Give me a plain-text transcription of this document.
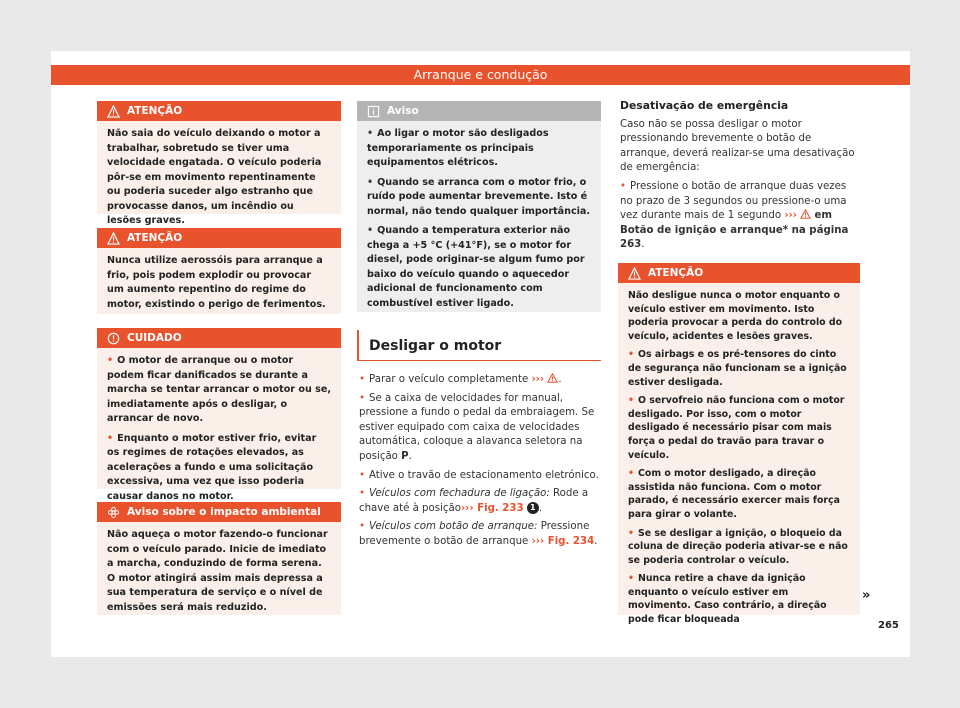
Arranque e condução
ATENÇÃO

Não saia do veículo deixando o motor a trabalhar, sobretudo se tiver uma velocidade engatada. O veículo poderia pôr-se em movimento repentinamente ou poderia suceder algo estranho que provocasse danos, um incêndio ou lesões graves.

ATENÇÃO

Nunca utilize aerossóis para arranque a frio, pois podem explodir ou provocar um aumento repentino do regime do motor, existindo o perigo de ferimentos.

CUIDADO

• O motor de arranque ou o motor podem ficar danificados se durante a marcha se tentar arrancar o motor ou se, imediatamente após o desligar, o arrancar de novo.

• Enquanto o motor estiver frio, evitar os regimes de rotações elevados, as acelerações a fundo e uma solicitação excessiva, uma vez que isso poderia causar danos no motor.

Aviso sobre o impacto ambiental

Não aqueça o motor fazendo-o funcionar com o veículo parado. Inicie de imediato a marcha, conduzindo de forma serena. O motor atingirá assim mais depressa a sua temperatura de serviço e o nível de emissões será mais reduzido.

Aviso

• Ao ligar o motor são desligados temporariamente os principais equipamentos elétricos.

• Quando se arranca com o motor frio, o ruído pode aumentar brevemente. Isto é normal, não tendo qualquer importância.

• Quando a temperatura exterior não chega a +5 °C (+41°F), se o motor for diesel, pode originar-se algum fumo por baixo do veículo quando o aquecedor adicional de funcionamento com combustível estiver ligado.

Desligar o motor

• Parar o veículo completamente ››› .

• Se a caixa de velocidades for manual, pressione a fundo o pedal da embraiagem. Se estiver equipado com caixa de velocidades automática, coloque a alavanca seletora na posição P.

• Ative o travão de estacionamento eletrónico.

• Veículos com fechadura de ligação: Rode a chave até à posição››› Fig. 233 1 .

• Veículos com botão de arranque: Pressione brevemente o botão de arranque ››› Fig. 234.

Desativação de emergência

Caso não se possa desligar o motor pressionando brevemente o botão de arranque, deverá realizar-se uma desativação de emergência:

• Pressione o botão de arranque duas vezes no prazo de 3 segundos ou pressione-o uma vez durante mais de 1 segundo ››› em Botão de ignição e arranque* na página 263.

ATENÇÃO

Não desligue nunca o motor enquanto o veículo estiver em movimento. Isto poderia provocar a perda do controlo do veículo, acidentes e lesões graves.

• Os airbags e os pré-tensores do cinto de segurança não funcionam se a ignição estiver desligada.

• O servofreio não funciona com o motor desligado. Por isso, com o motor desligado é necessário pisar com mais força o pedal do travão para travar o veículo.

• Com o motor desligado, a direção assistida não funciona. Com o motor parado, é necessário exercer mais força para girar o volante.

• Se se desligar a ignição, o bloqueio da coluna de direção poderia ativar-se e não se poderia controlar o veículo.

• Nunca retire a chave da ignição enquanto o veículo estiver em movimento. Caso contrário, a direção pode ficar bloqueada

»
265
